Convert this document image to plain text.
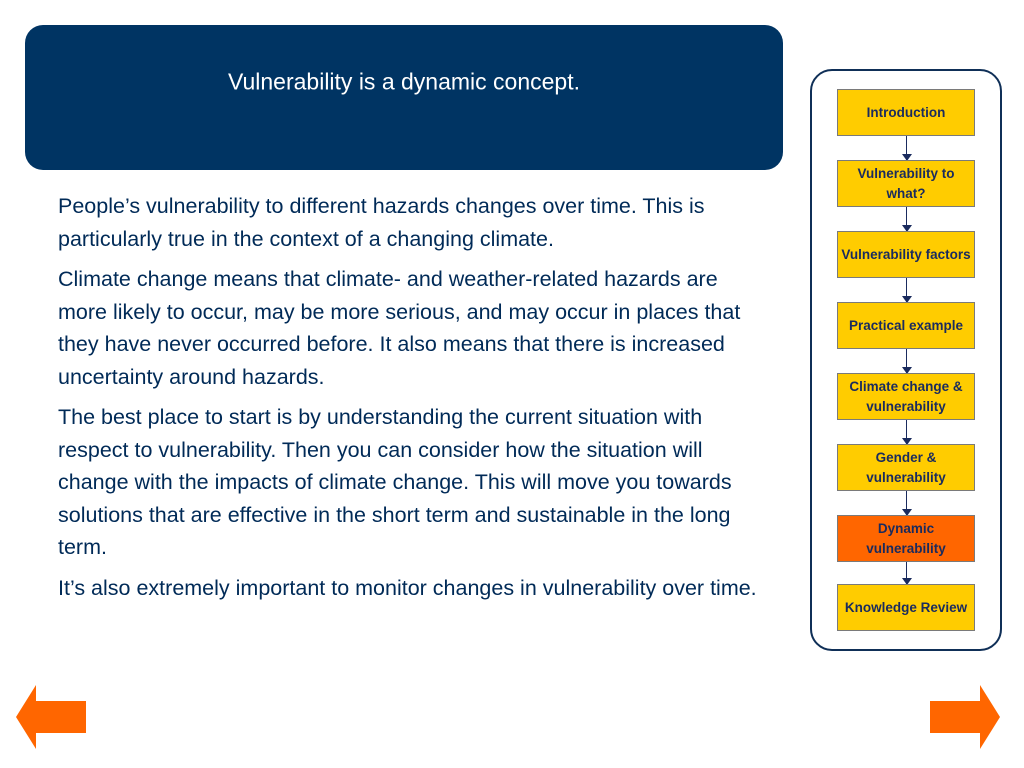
Vulnerability is a dynamic concept.

People’s vulnerability to different hazards changes over time. This is particularly true in the context of a changing climate.

Climate change means that climate- and weather-related hazards are more likely to occur, may be more serious, and may occur in places that they have never occurred before. It also means that there is increased uncertainty around hazards.

The best place to start is by understanding the current situation with respect to vulnerability. Then you can consider how the situation will change with the impacts of climate change. This will move you towards solutions that are effective in the short term and sustainable in the long term.

It’s also extremely important to monitor changes in vulnerability over time.

Introduction
Vulnerability to what?
Vulnerability factors
Practical example
Climate change & vulnerability
Gender & vulnerability
Dynamic vulnerability
Knowledge Review
